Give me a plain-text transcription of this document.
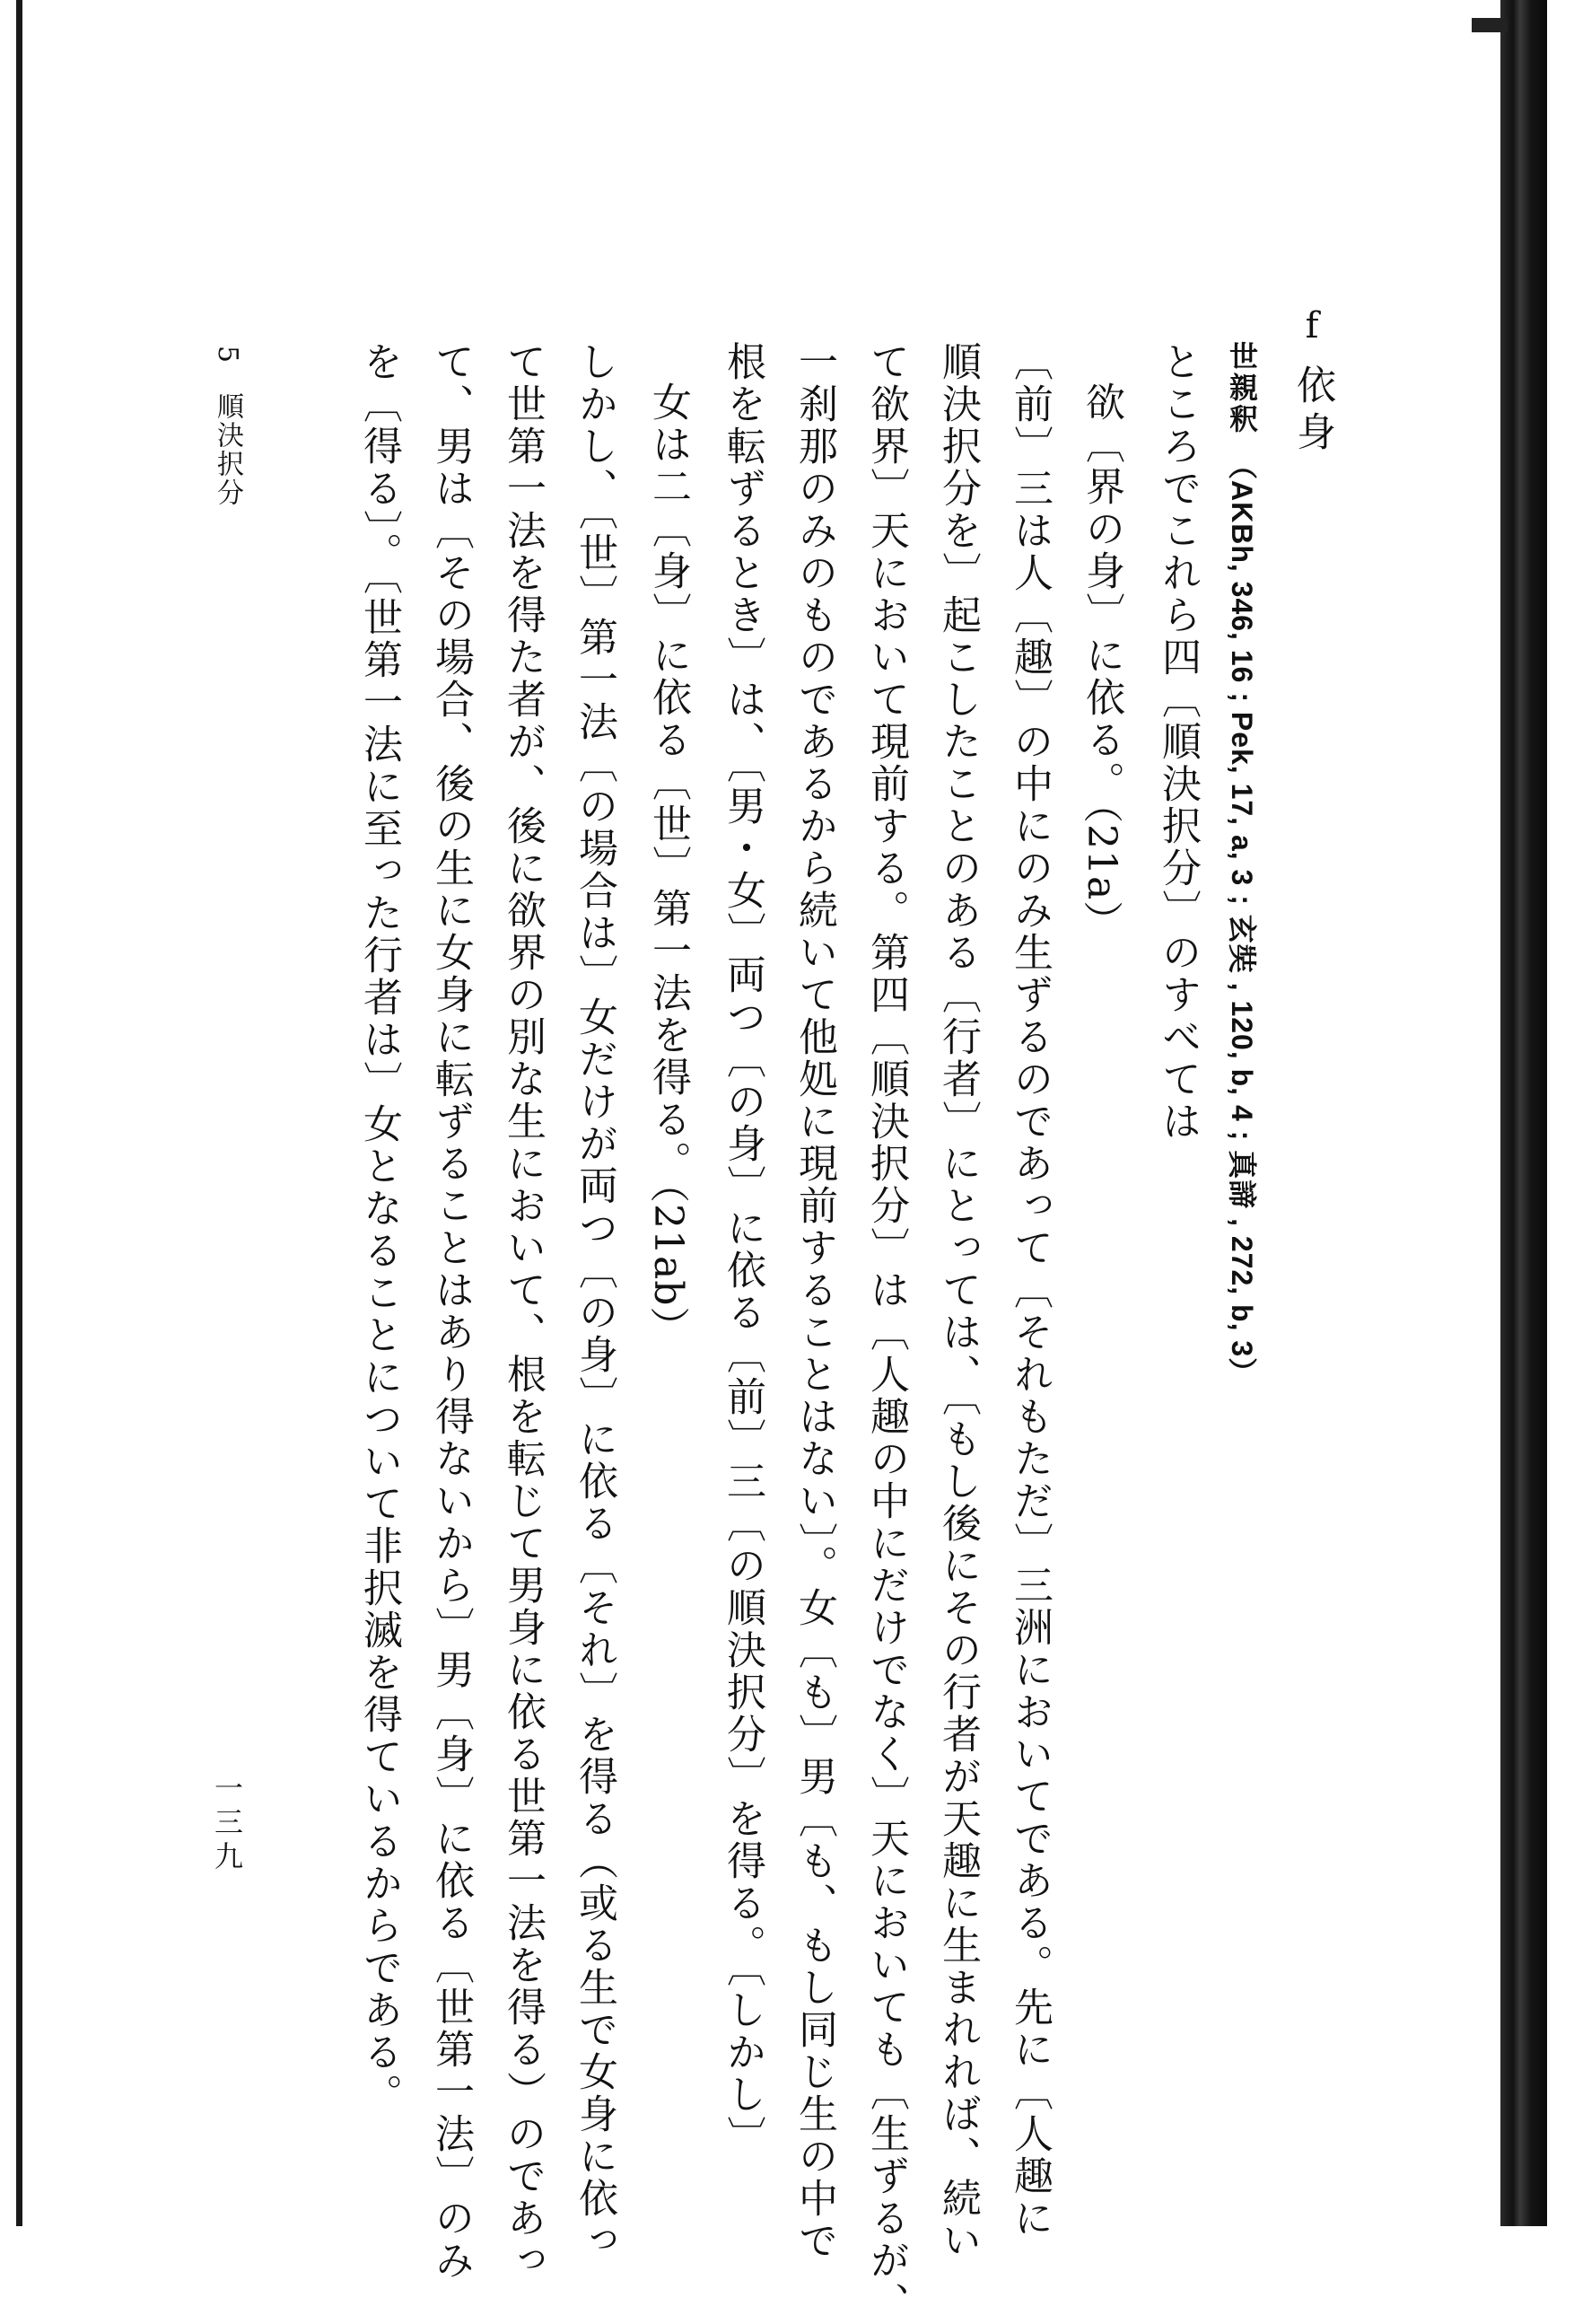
f依身
世親釈　（AKBh, 346, 16 ; Pek, 17, a, 3 ; 玄奘 , 120, b, 4 ; 真諦 , 272, b, 3）
ところでこれら四〔順決択分〕のすべては
欲〔界の身〕に依る。（21a）
〔前〕三は人〔趣〕の中にのみ生ずるのであって〔それもただ〕三洲においてである。先に〔人趣に
順決択分を〕起こしたことのある〔行者〕にとっては、〔もし後にその行者が天趣に生まれれば、続い
て欲界〕天において現前する。第四〔順決択分〕は〔人趣の中にだけでなく〕天においても〔生ずるが、
一刹那のみのものであるから続いて他処に現前することはない〕。女〔も〕男〔も、もし同じ生の中で
根を転ずるとき〕は、〔男・女〕両つ〔の身〕に依る〔前〕三〔の順決択分〕を得る。〔しかし〕
女は二〔身〕に依る〔世〕第一法を得る。（21ab）
しかし、〔世〕第一法〔の場合は〕女だけが両つ〔の身〕に依る〔それ〕を得る（或る生で女身に依っ
て世第一法を得た者が、後に欲界の別な生において、根を転じて男身に依る世第一法を得る）のであっ
て、男は〔その場合、後の生に女身に転ずることはあり得ないから〕男〔身〕に依る〔世第一法〕のみ
を〔得る〕。〔世第一法に至った行者は〕女となることについて非択滅を得ているからである。
5　順決択分
一三九
